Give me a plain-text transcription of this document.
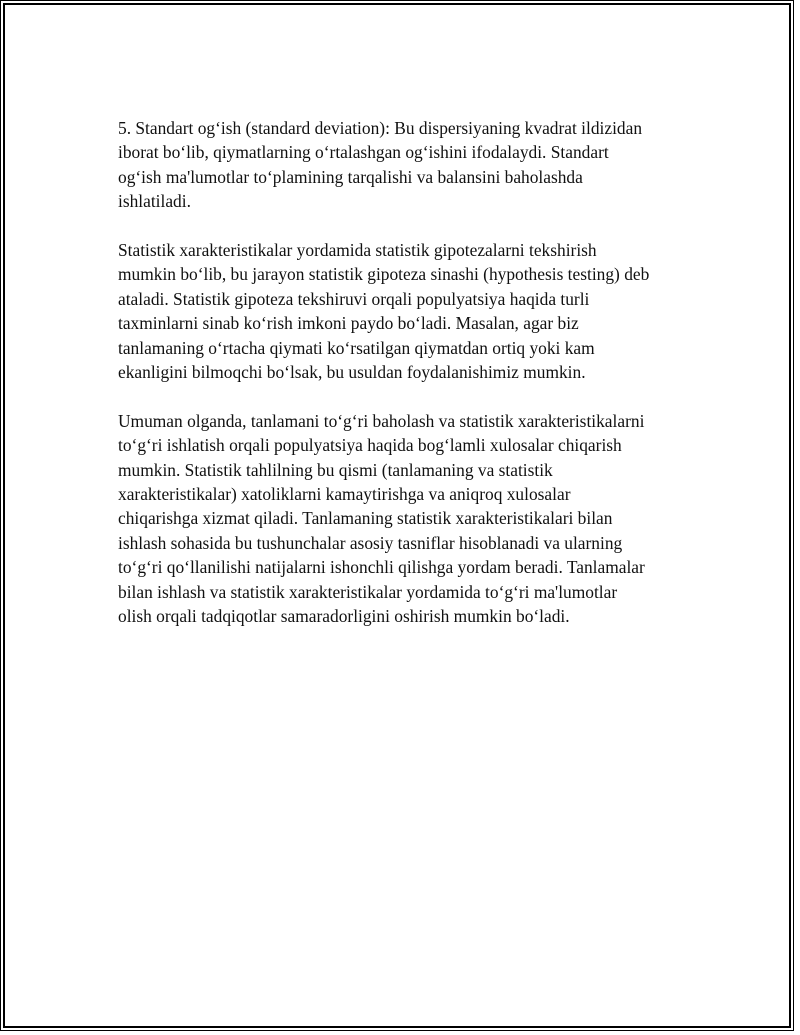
5. Standart og‘ish (standard deviation): Bu dispersiyaning kvadrat ildizidan
iborat bo‘lib, qiymatlarning o‘rtalashgan og‘ishini ifodalaydi. Standart
og‘ish ma'lumotlar to‘plamining tarqalishi va balansini baholashda
ishlatiladi.

Statistik xarakteristikalar yordamida statistik gipotezalarni tekshirish
mumkin bo‘lib, bu jarayon statistik gipoteza sinashi (hypothesis testing) deb
ataladi. Statistik gipoteza tekshiruvi orqali populyatsiya haqida turli
taxminlarni sinab ko‘rish imkoni paydo bo‘ladi. Masalan, agar biz
tanlamaning o‘rtacha qiymati ko‘rsatilgan qiymatdan ortiq yoki kam
ekanligini bilmoqchi bo‘lsak, bu usuldan foydalanishimiz mumkin.

Umuman olganda, tanlamani to‘g‘ri baholash va statistik xarakteristikalarni
to‘g‘ri ishlatish orqali populyatsiya haqida bog‘lamli xulosalar chiqarish
mumkin. Statistik tahlilning bu qismi (tanlamaning va statistik
xarakteristikalar) xatoliklarni kamaytirishga va aniqroq xulosalar
chiqarishga xizmat qiladi. Tanlamaning statistik xarakteristikalari bilan
ishlash sohasida bu tushunchalar asosiy tasniflar hisoblanadi va ularning
to‘g‘ri qo‘llanilishi natijalarni ishonchli qilishga yordam beradi. Tanlamalar
bilan ishlash va statistik xarakteristikalar yordamida to‘g‘ri ma'lumotlar
olish orqali tadqiqotlar samaradorligini oshirish mumkin bo‘ladi.
